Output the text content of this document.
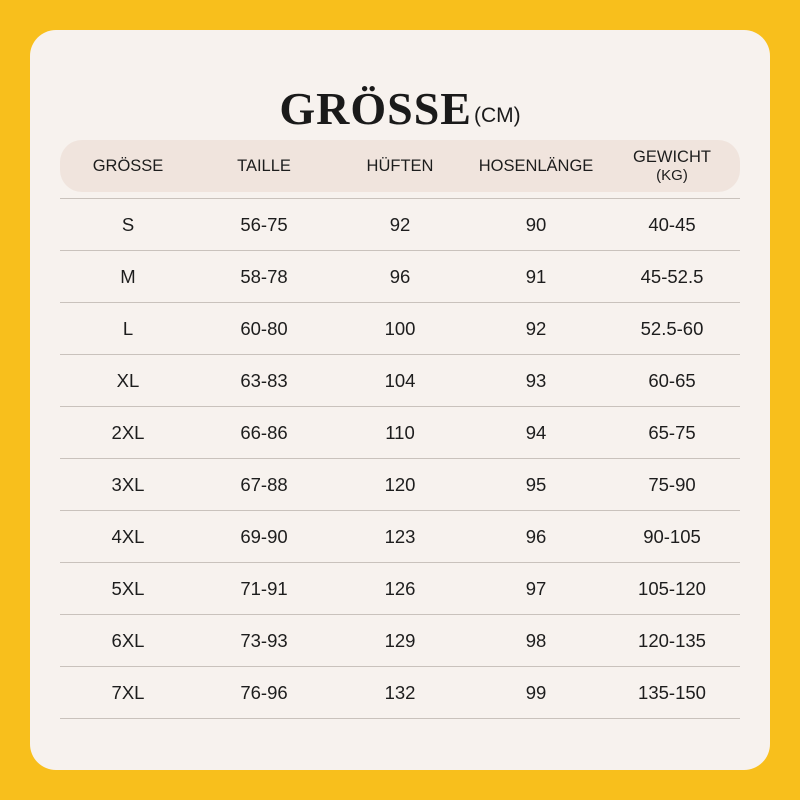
GRÖSSE(CM)
GRÖSSE	TAILLE	HÜFTEN	HOSENLÄNGE	GEWICHT
(KG)
S	56-75	92	90	40-45
M	58-78	96	91	45-52.5
L	60-80	100	92	52.5-60
XL	63-83	104	93	60-65
2XL	66-86	110	94	65-75
3XL	67-88	120	95	75-90
4XL	69-90	123	96	90-105
5XL	71-91	126	97	105-120
6XL	73-93	129	98	120-135
7XL	76-96	132	99	135-150
